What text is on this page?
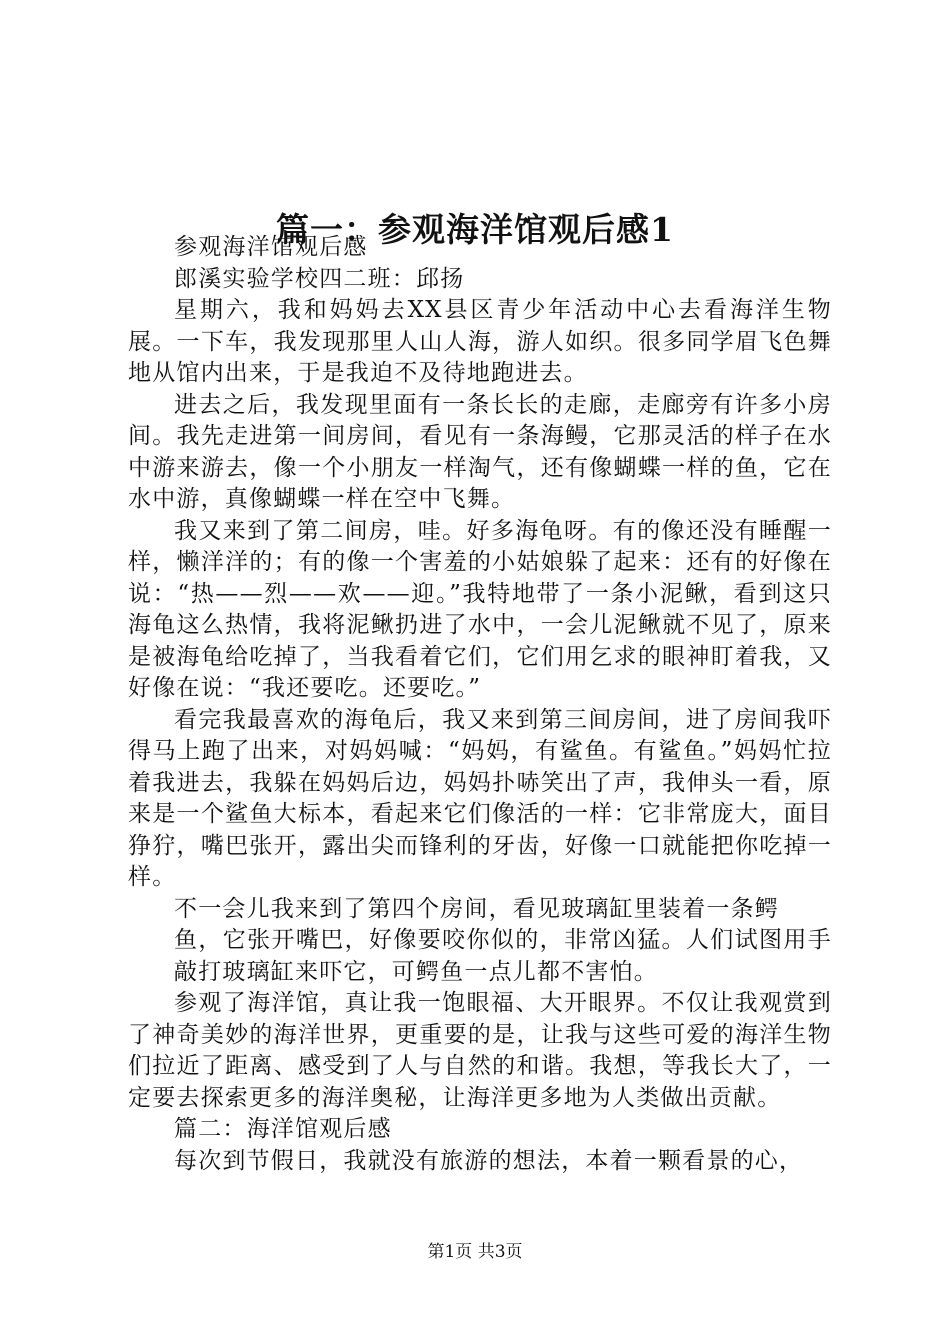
篇一：参观海洋馆观后感1

参观海洋馆观后感

郎溪实验学校四二班：邱扬

星期六，我和妈妈去XX县区青少年活动中心去看海洋生物展。一下车，我发现那里人山人海，游人如织。很多同学眉飞色舞地从馆内出来，于是我迫不及待地跑进去。

进去之后，我发现里面有一条长长的走廊，走廊旁有许多小房间。我先走进第一间房间，看见有一条海鳗，它那灵活的样子在水中游来游去，像一个小朋友一样淘气，还有像蝴蝶一样的鱼，它在水中游，真像蝴蝶一样在空中飞舞。

我又来到了第二间房，哇。好多海龟呀。有的像还没有睡醒一样，懒洋洋的；有的像一个害羞的小姑娘躲了起来：还有的好像在说：“热——烈——欢——迎。”我特地带了一条小泥鳅，看到这只海龟这么热情，我将泥鳅扔进了水中，一会儿泥鳅就不见了，原来是被海龟给吃掉了，当我看着它们，它们用乞求的眼神盯着我，又好像在说：“我还要吃。还要吃。”

看完我最喜欢的海龟后，我又来到第三间房间，进了房间我吓得马上跑了出来，对妈妈喊：“妈妈，有鲨鱼。有鲨鱼。”妈妈忙拉着我进去，我躲在妈妈后边，妈妈扑哧笑出了声，我伸头一看，原来是一个鲨鱼大标本，看起来它们像活的一样：它非常庞大，面目狰狞，嘴巴张开，露出尖而锋利的牙齿，好像一口就能把你吃掉一样。

不一会儿我来到了第四个房间，看见玻璃缸里装着一条鳄

鱼，它张开嘴巴，好像要咬你似的，非常凶猛。人们试图用手敲打玻璃缸来吓它，可鳄鱼一点儿都不害怕。

参观了海洋馆，真让我一饱眼福、大开眼界。不仅让我观赏到了神奇美妙的海洋世界，更重要的是，让我与这些可爱的海洋生物们拉近了距离、感受到了人与自然的和谐。我想，等我长大了，一定要去探索更多的海洋奥秘，让海洋更多地为人类做出贡献。

篇二：海洋馆观后感

每次到节假日，我就没有旅游的想法，本着一颗看景的心，

第1页 共3页
